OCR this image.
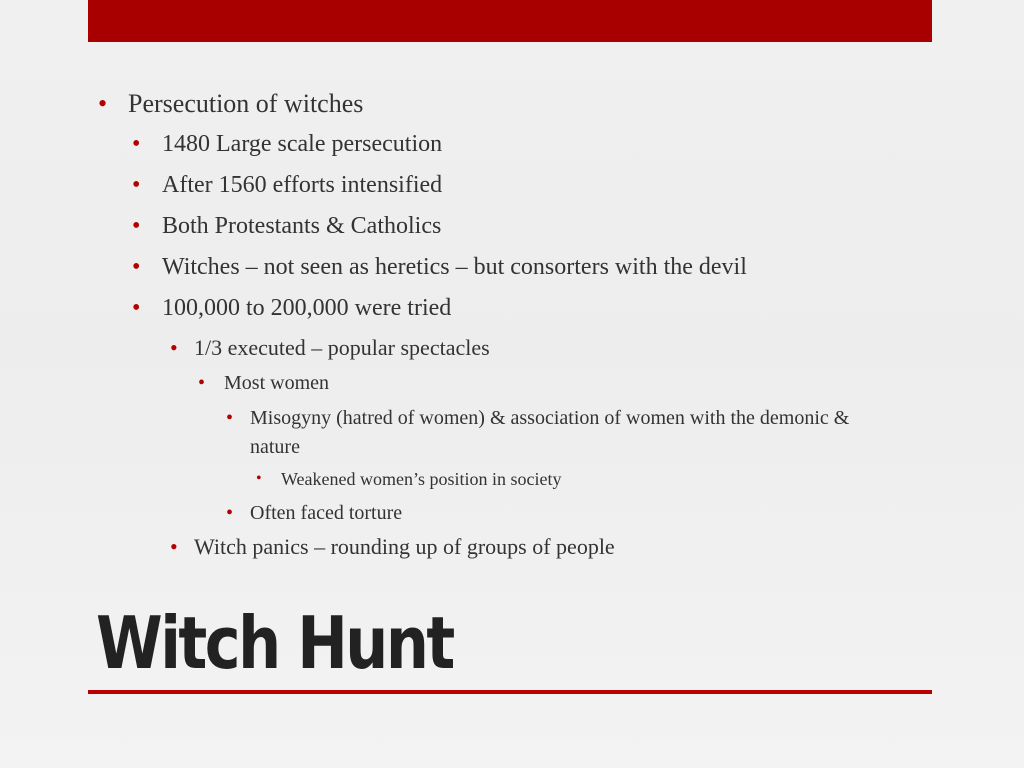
• Persecution of witches
• 1480 Large scale persecution
• After 1560 efforts intensified
• Both Protestants & Catholics
• Witches – not seen as heretics – but consorters with the devil
• 100,000 to 200,000 were tried
• 1/3 executed – popular spectacles
• Most women
• Misogyny (hatred of women) & association of women with the demonic & nature
• Weakened women’s position in society
• Often faced torture
• Witch panics – rounding up of groups of people
Witch Hunt
